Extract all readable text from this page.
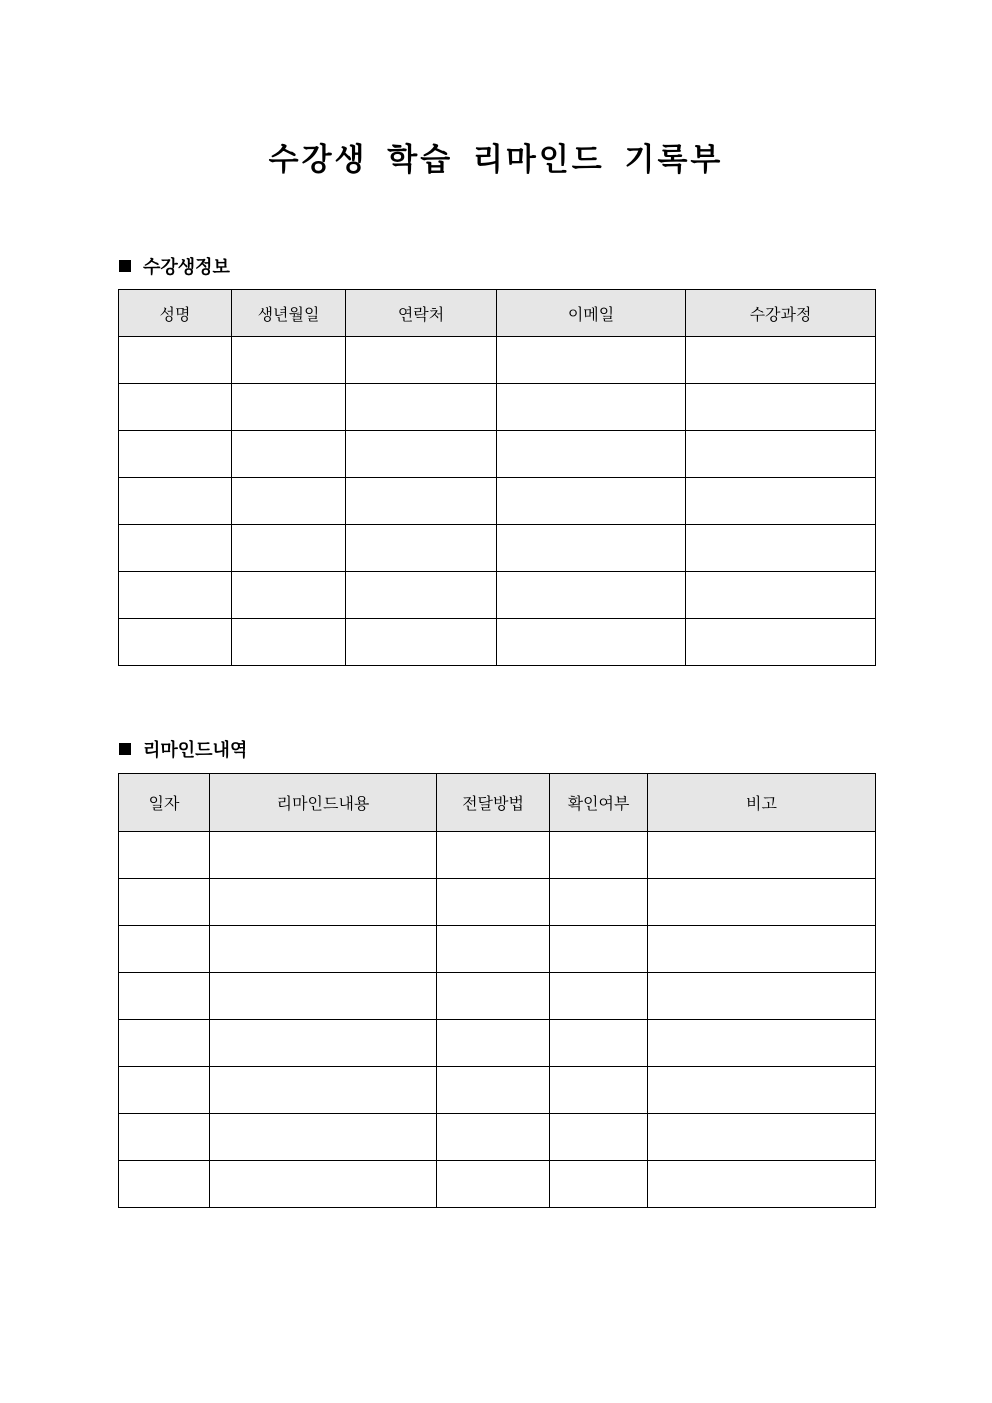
수강생 학습 리마인드 기록부
수강생정보
성명	생년월일	연락처	이메일	수강과정

리마인드내역
일자	리마인드내용	전달방법	확인여부	비고
